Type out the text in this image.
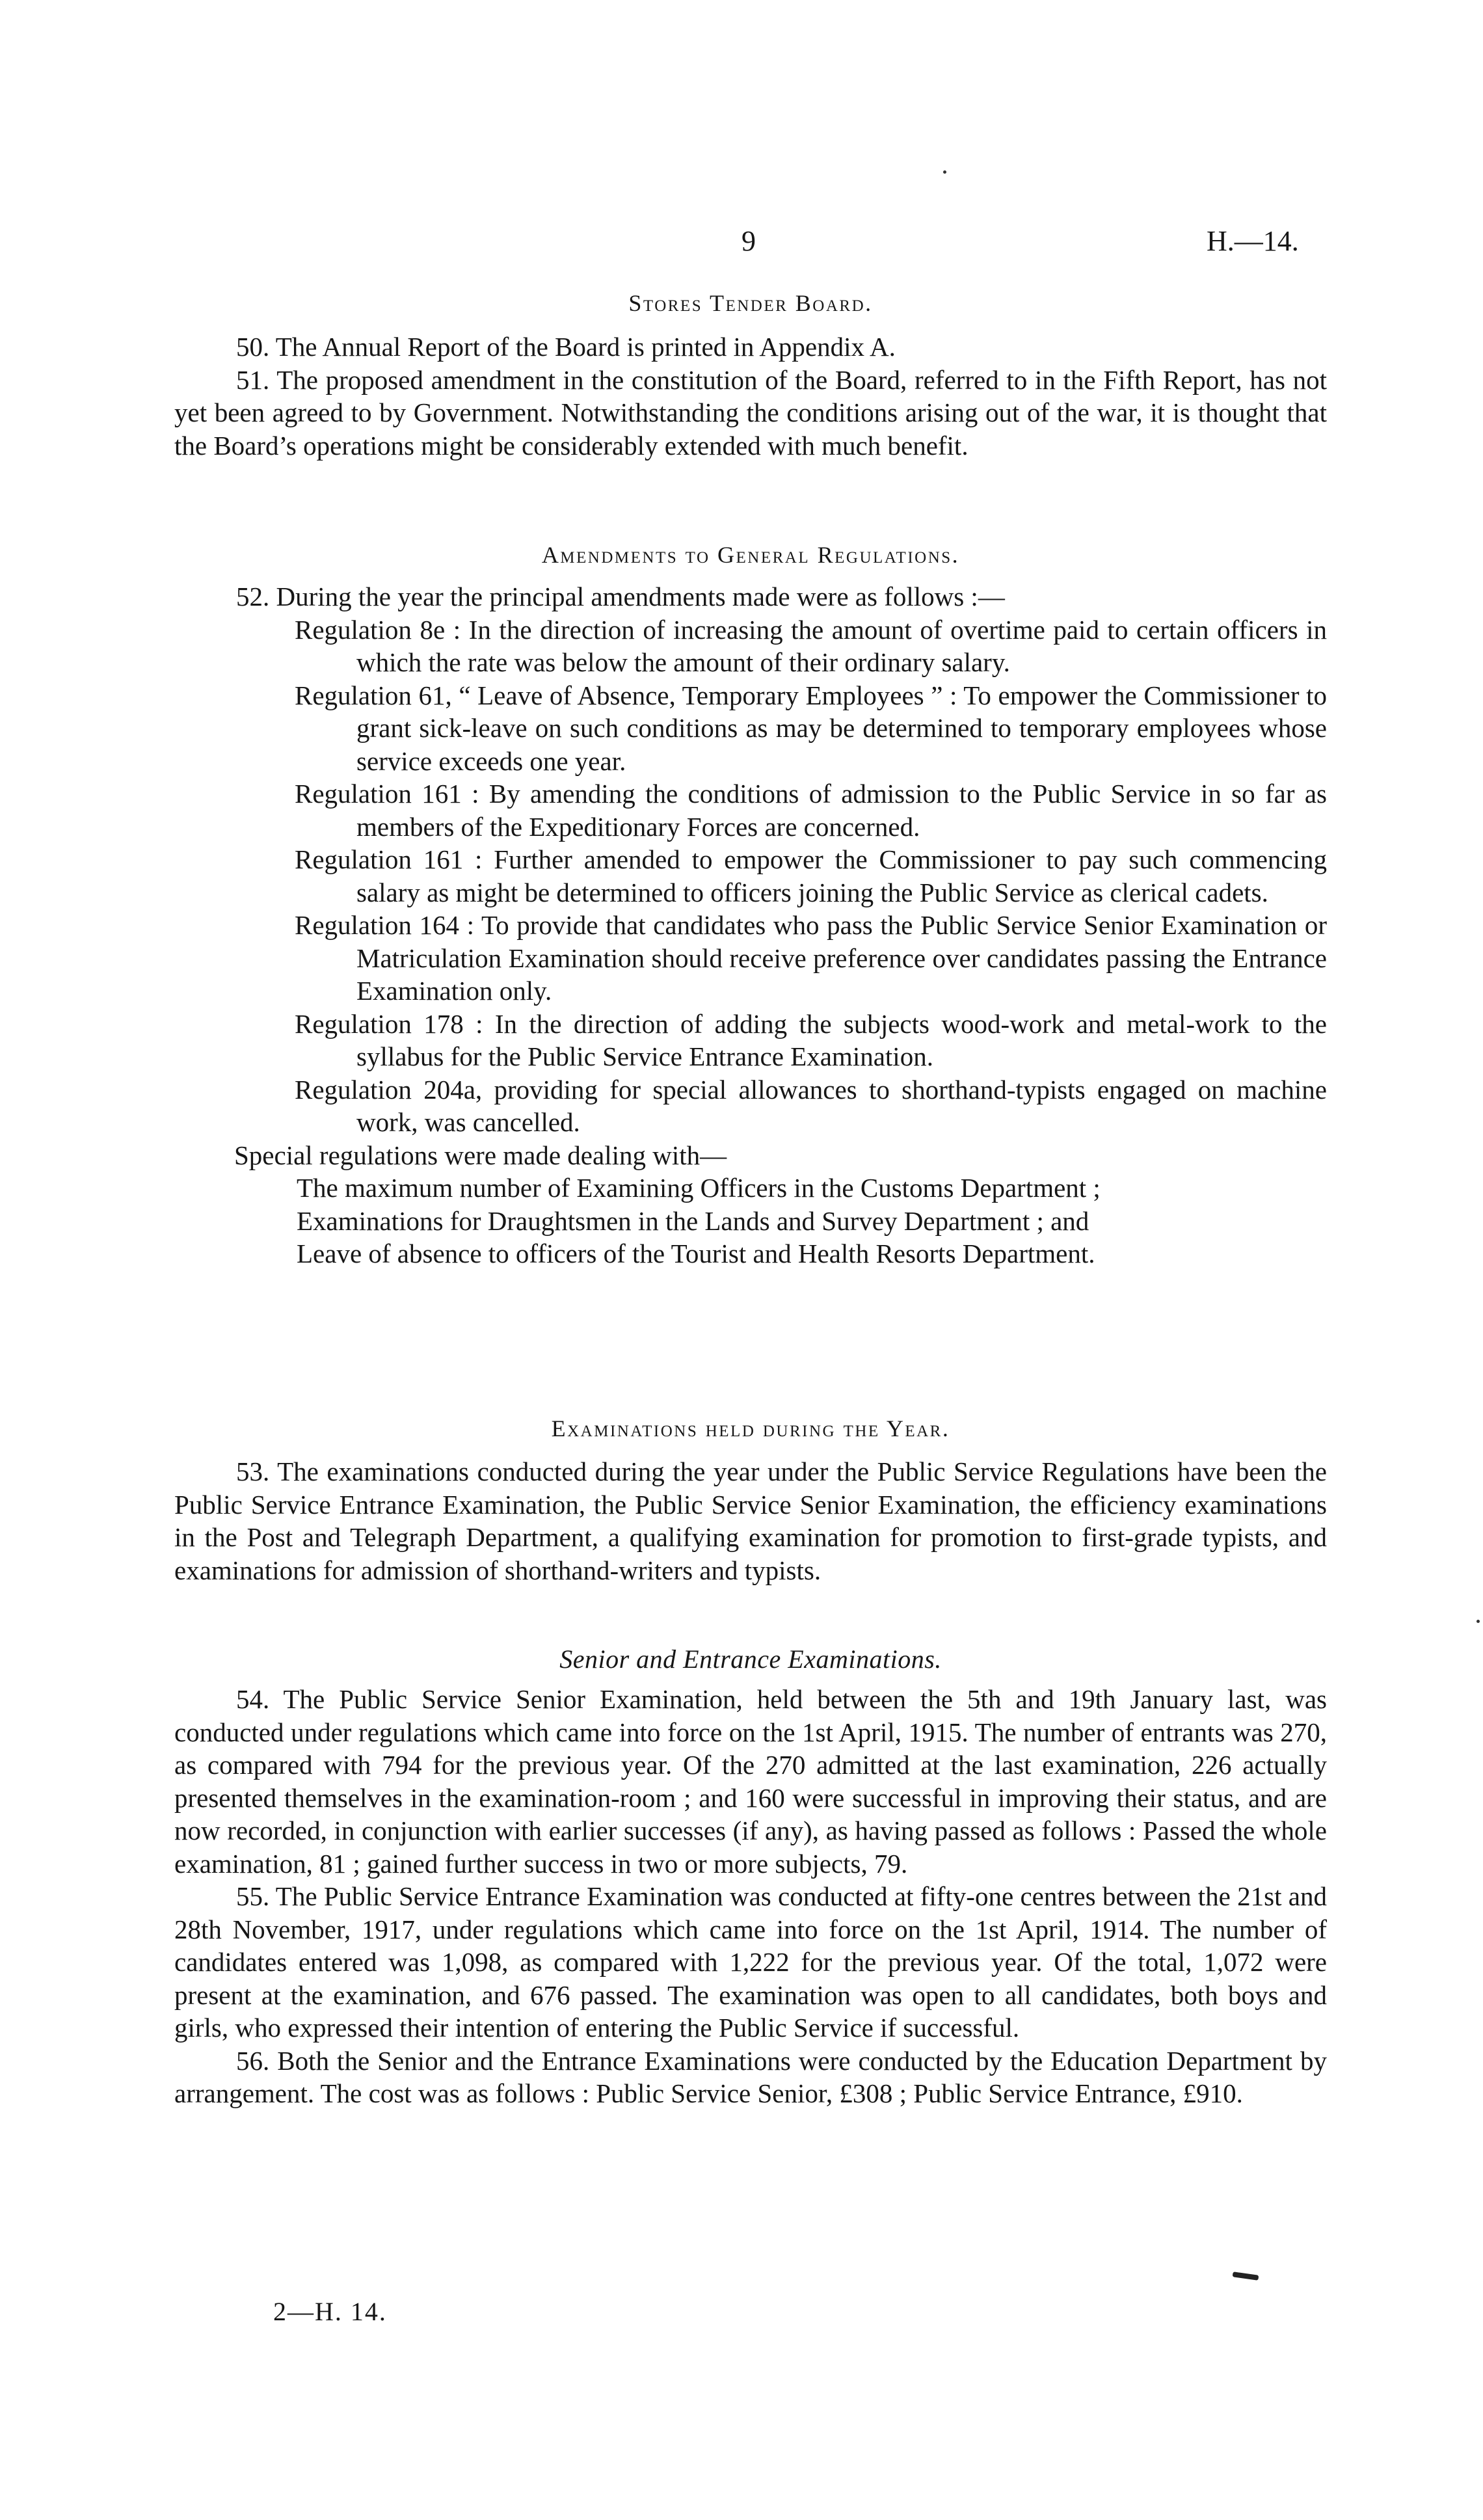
9	H.—14.
Stores Tender Board.

50. The Annual Report of the Board is printed in Appendix A.

51. The proposed amendment in the constitution of the Board, referred to in the Fifth Report, has not yet been agreed to by Government. Notwithstanding the conditions arising out of the war, it is thought that the Board’s operations might be considerably extended with much benefit.

Amendments to General Regulations.

52. During the year the principal amendments made were as follows :—

Regulation 8e : In the direction of increasing the amount of overtime paid to certain officers in which the rate was below the amount of their ordinary salary.

Regulation 61, “ Leave of Absence, Temporary Employees ” : To empower the Commissioner to grant sick-leave on such conditions as may be determined to temporary employees whose service exceeds one year.

Regulation 161 : By amending the conditions of admission to the Public Service in so far as members of the Expeditionary Forces are concerned.

Regulation 161 : Further amended to empower the Commissioner to pay such commencing salary as might be determined to officers joining the Public Service as clerical cadets.

Regulation 164 : To provide that candidates who pass the Public Service Senior Examination or Matriculation Examination should receive preference over candidates passing the Entrance Examination only.

Regulation 178 : In the direction of adding the subjects wood-work and metal-work to the syllabus for the Public Service Entrance Examination.

Regulation 204a, providing for special allowances to shorthand-typists engaged on machine work, was cancelled.

Special regulations were made dealing with—

The maximum number of Examining Officers in the Customs Department ;

Examinations for Draughtsmen in the Lands and Survey Department ; and

Leave of absence to officers of the Tourist and Health Resorts Department.

Examinations held during the Year.

53. The examinations conducted during the year under the Public Service Regulations have been the Public Service Entrance Examination, the Public Service Senior Examination, the efficiency examinations in the Post and Telegraph Department, a qualifying examination for promotion to first-grade typists, and examinations for admission of shorthand-writers and typists.

Senior and Entrance Examinations.

54. The Public Service Senior Examination, held between the 5th and 19th January last, was conducted under regulations which came into force on the 1st April, 1915. The number of entrants was 270, as compared with 794 for the previous year. Of the 270 admitted at the last examination, 226 actually presented themselves in the examination-room ; and 160 were successful in improving their status, and are now recorded, in conjunction with earlier successes (if any), as having passed as follows : Passed the whole examination, 81 ; gained further success in two or more subjects, 79.

55. The Public Service Entrance Examination was conducted at fifty-one centres between the 21st and 28th November, 1917, under regulations which came into force on the 1st April, 1914. The number of candidates entered was 1,098, as compared with 1,222 for the previous year. Of the total, 1,072 were present at the examination, and 676 passed. The examination was open to all candidates, both boys and girls, who expressed their intention of entering the Public Service if successful.

56. Both the Senior and the Entrance Examinations were conducted by the Education Department by arrangement. The cost was as follows : Public Service Senior, £308 ; Public Service Entrance, £910.

2—H. 14.
